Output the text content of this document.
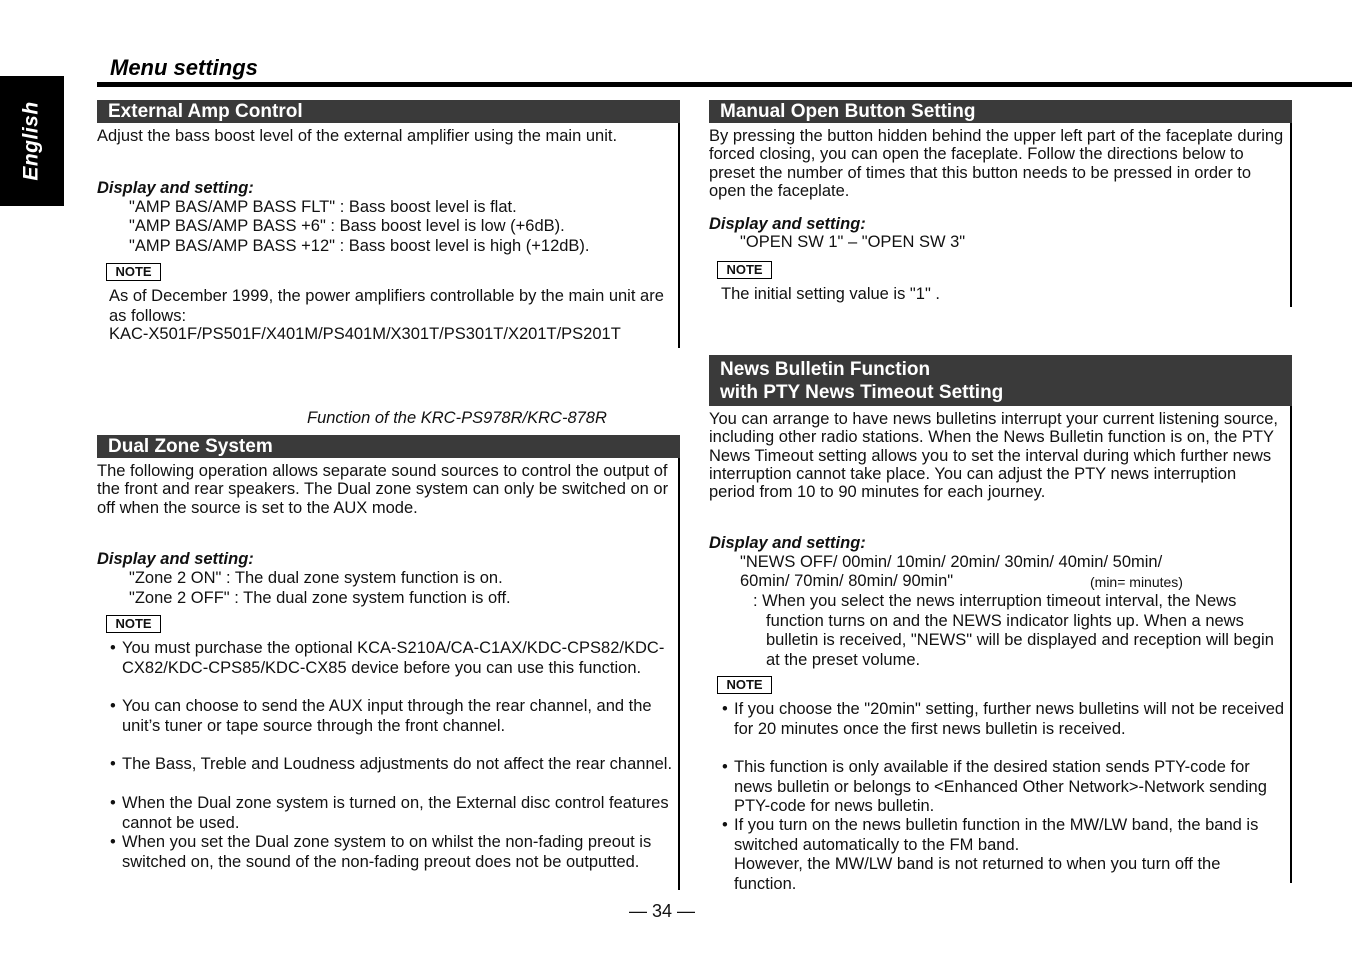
English
Menu settings
External Amp Control

Adjust the bass boost level of the external amplifier using the main unit.

Display and setting:
"AMP BAS/AMP BASS FLT" : Bass boost level is flat.
"AMP BAS/AMP BASS +6" : Bass boost level is low (+6dB).
"AMP BAS/AMP BASS +12" : Bass boost level is high (+12dB).
NOTE

As of December 1999, the power amplifiers controllable by the main unit are as follows:

KAC-X501F/PS501F/X401M/PS401M/X301T/PS301T/X201T/PS201T
Function of the KRC-PS978R/KRC-878R
Dual Zone System

The following operation allows separate sound sources to control the output of the front and rear speakers. The Dual zone system can only be switched on or off when the source is set to the AUX mode.

Display and setting:
"Zone 2 ON" : The dual zone system function is on.
"Zone 2 OFF" : The dual zone system function is off.
NOTE
• You must purchase the optional KCA-S210A/CA-C1AX/KDC-CPS82/KDC-CX82/KDC-CPS85/KDC-CX85 device before you can use this function.
• You can choose to send the AUX input through the rear channel, and the unit’s tuner or tape source through the front channel.
• The Bass, Treble and Loudness adjustments do not affect the rear channel.
• When the Dual zone system is turned on, the External disc control features cannot be used.
• When you set the Dual zone system to on whilst the non-fading preout is switched on, the sound of the non-fading preout does not be outputted.
Manual Open Button Setting

By pressing the button hidden behind the upper left part of the faceplate during forced closing, you can open the faceplate. Follow the directions below to preset the number of times that this button needs to be pressed in order to open the faceplate.

Display and setting:
"OPEN SW 1" – "OPEN SW 3"
NOTE
The initial setting value is "1" .
News Bulletin Function
with PTY News Timeout Setting

You can arrange to have news bulletins interrupt your current listening source, including other radio stations. When the News Bulletin function is on, the PTY News Timeout setting allows you to set the interval during which further news interruption cannot take place. You can adjust the PTY news interruption period from 10 to 90 minutes for each journey.

Display and setting:
"NEWS OFF/ 00min/ 10min/ 20min/ 30min/ 40min/ 50min/
60min/ 70min/ 80min/ 90min"	(min= minutes)

: When you select the news interruption timeout interval, the News function turns on and the NEWS indicator lights up. When a news bulletin is received, "NEWS" will be displayed and reception will begin at the preset volume.

NOTE
• If you choose the "20min" setting, further news bulletins will not be received for 20 minutes once the first news bulletin is received.
• This function is only available if the desired station sends PTY-code for news bulletin or belongs to <Enhanced Other Network>-Network sending PTY-code for news bulletin.
• If you turn on the news bulletin function in the MW/LW band, the band is switched automatically to the FM band.

However, the MW/LW band is not returned to when you turn off the function.

— 34 —
